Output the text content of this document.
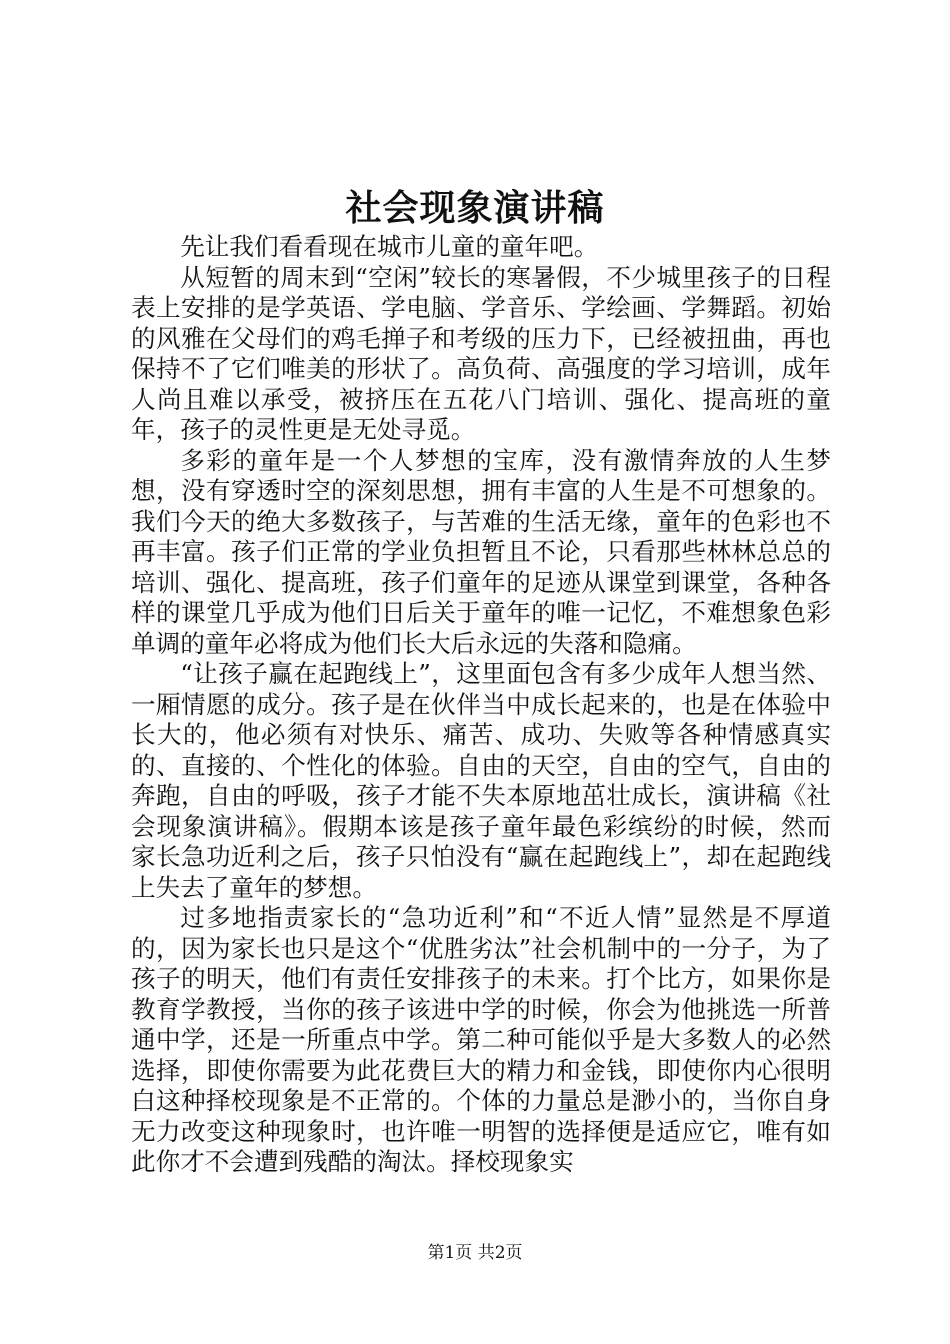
社会现象演讲稿

先让我们看看现在城市儿童的童年吧。

从短暂的周末到“空闲”较长的寒暑假，不少城里孩子的日程表上安排的是学英语、学电脑、学音乐、学绘画、学舞蹈。初始的风雅在父母们的鸡毛掸子和考级的压力下，已经被扭曲，再也保持不了它们唯美的形状了。高负荷、高强度的学习培训，成年人尚且难以承受，被挤压在五花八门培训、强化、提高班的童年，孩子的灵性更是无处寻觅。

多彩的童年是一个人梦想的宝库，没有激情奔放的人生梦想，没有穿透时空的深刻思想，拥有丰富的人生是不可想象的。我们今天的绝大多数孩子，与苦难的生活无缘，童年的色彩也不再丰富。孩子们正常的学业负担暂且不论，只看那些林林总总的培训、强化、提高班，孩子们童年的足迹从课堂到课堂，各种各样的课堂几乎成为他们日后关于童年的唯一记忆，不难想象色彩单调的童年必将成为他们长大后永远的失落和隐痛。

“让孩子赢在起跑线上”，这里面包含有多少成年人想当然、一厢情愿的成分。孩子是在伙伴当中成长起来的，也是在体验中长大的，他必须有对快乐、痛苦、成功、失败等各种情感真实的、直接的、个性化的体验。自由的天空，自由的空气，自由的奔跑，自由的呼吸，孩子才能不失本原地茁壮成长，演讲稿《社会现象演讲稿》。假期本该是孩子童年最色彩缤纷的时候，然而家长急功近利之后，孩子只怕没有“赢在起跑线上”，却在起跑线上失去了童年的梦想。

过多地指责家长的“急功近利”和“不近人情”显然是不厚道的，因为家长也只是这个“优胜劣汰”社会机制中的一分子，为了孩子的明天，他们有责任安排孩子的未来。打个比方，如果你是教育学教授，当你的孩子该进中学的时候，你会为他挑选一所普通中学，还是一所重点中学。第二种可能似乎是大多数人的必然选择，即使你需要为此花费巨大的精力和金钱，即使你内心很明白这种择校现象是不正常的。个体的力量总是渺小的，当你自身无力改变这种现象时，也许唯一明智的选择便是适应它，唯有如此你才不会遭到残酷的淘汰。择校现象实

第1页 共2页
